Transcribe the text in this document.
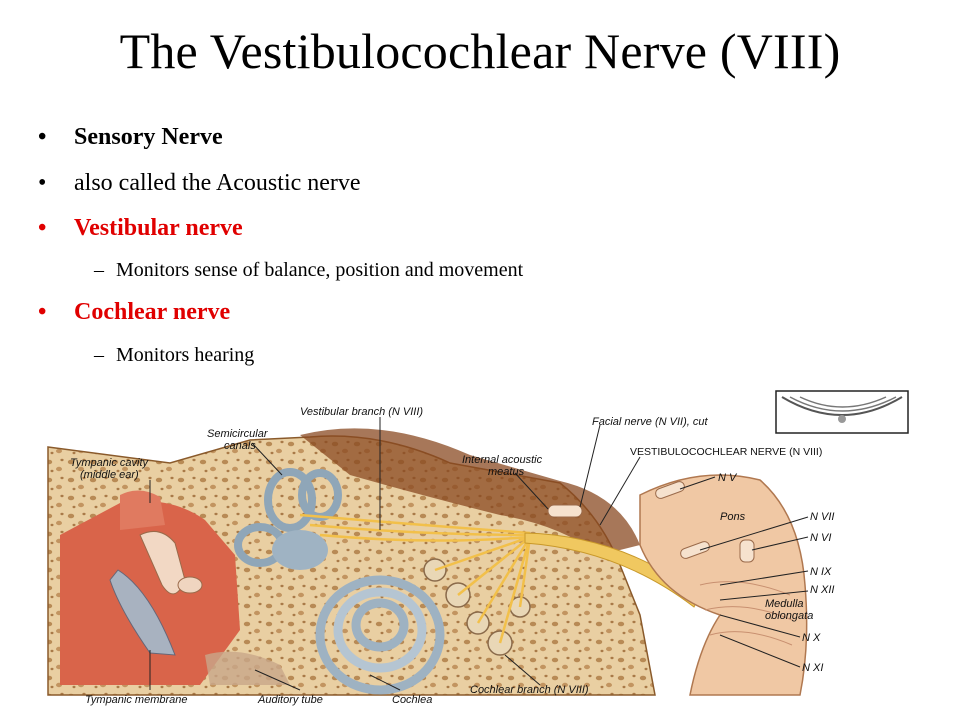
The Vestibulocochlear Nerve (VIII)
• Sensory Nerve
• also called the Acoustic nerve
• Vestibular nerve
– Monitors sense of balance, position and movement
• Cochlear nerve
– Monitors hearing
Vestibular branch (N VIII)
Semicircular
canals
Tympanic cavity
(middle ear)
Internal acoustic
meatus
Facial nerve (N VII), cut
VESTIBULOCOCHLEAR NERVE (N VIII)
N V
Pons	N VII
N VI
N IX
N XII
Medulla
oblongata
N X
N XI
Tympanic membrane	Auditory tube	Cochlea
Cochlear branch (N VIII)
